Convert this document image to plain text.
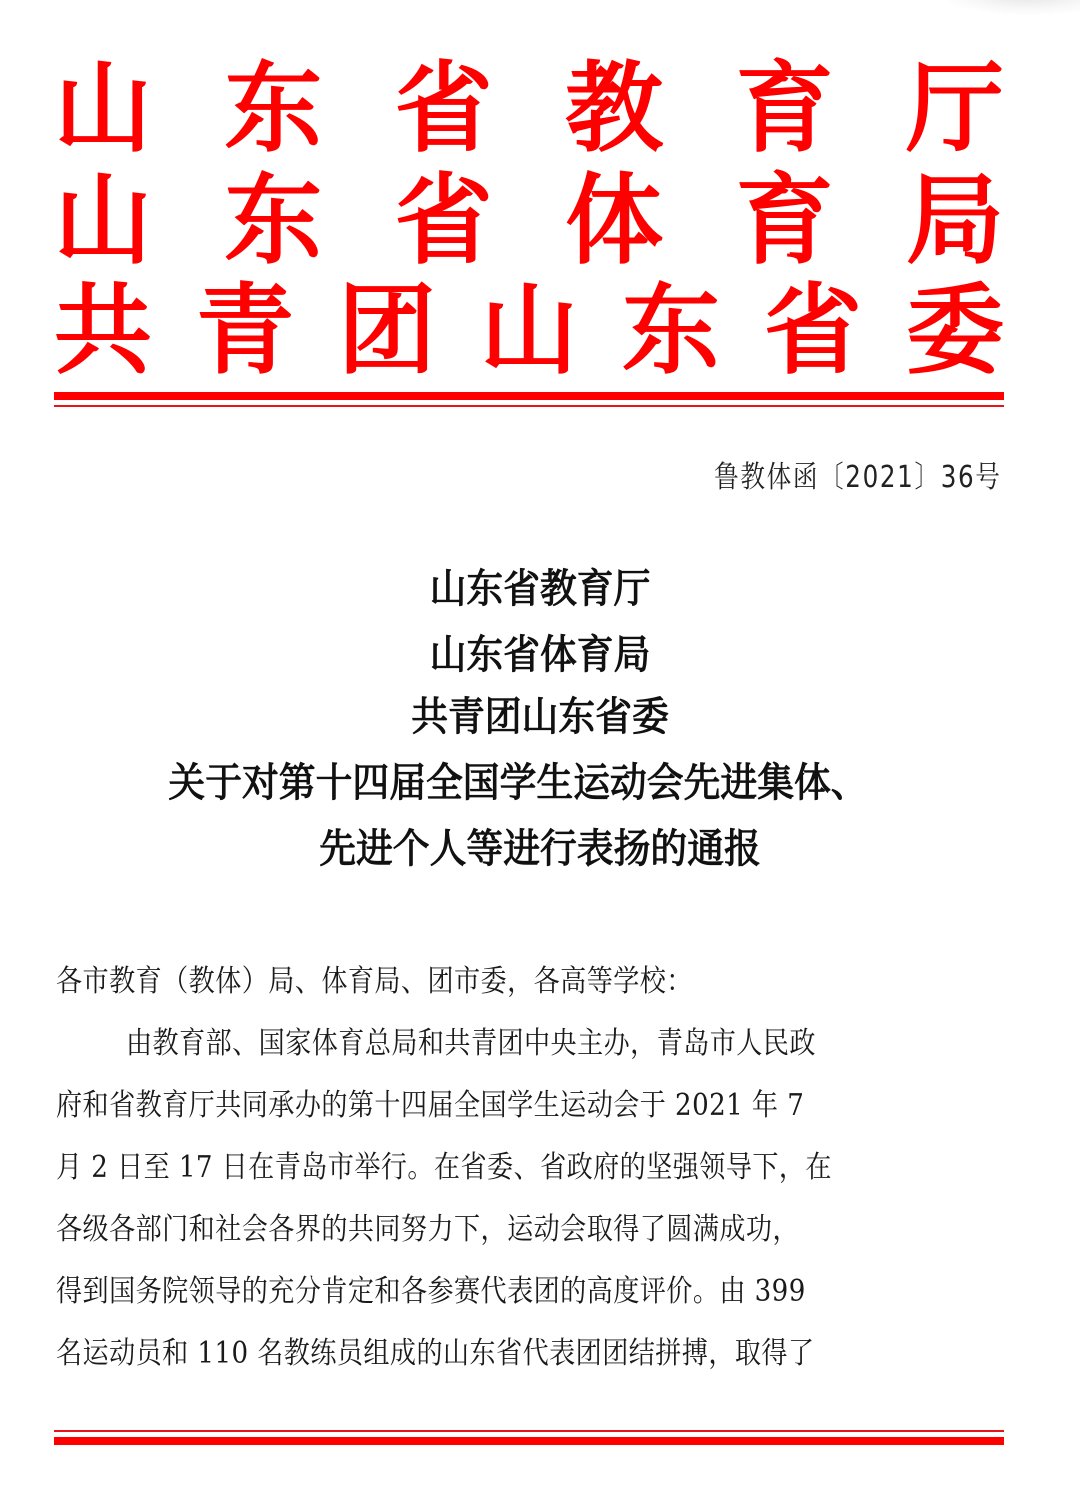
山 东 省 教 育 厅
山 东 省 体 育 局
共 青 团 山 东 省 委
鲁教体函〔2021〕36号
山东省教育厅
山东省体育局
共青团山东省委
关于对第十四届全国学生运动会先进集体、
先进个人等进行表扬的通报
各市教育（教体）局、体育局、团市委，各高等学校：
由教育部、国家体育总局和共青团中央主办，青岛市人民政
府和省教育厅共同承办的第十四届全国学生运动会于 2021 年 7
月 2 日至 17 日在青岛市举行。在省委、省政府的坚强领导下，在
各级各部门和社会各界的共同努力下，运动会取得了圆满成功，
得到国务院领导的充分肯定和各参赛代表团的高度评价。由 399
名运动员和 110 名教练员组成的山东省代表团团结拼搏，取得了
